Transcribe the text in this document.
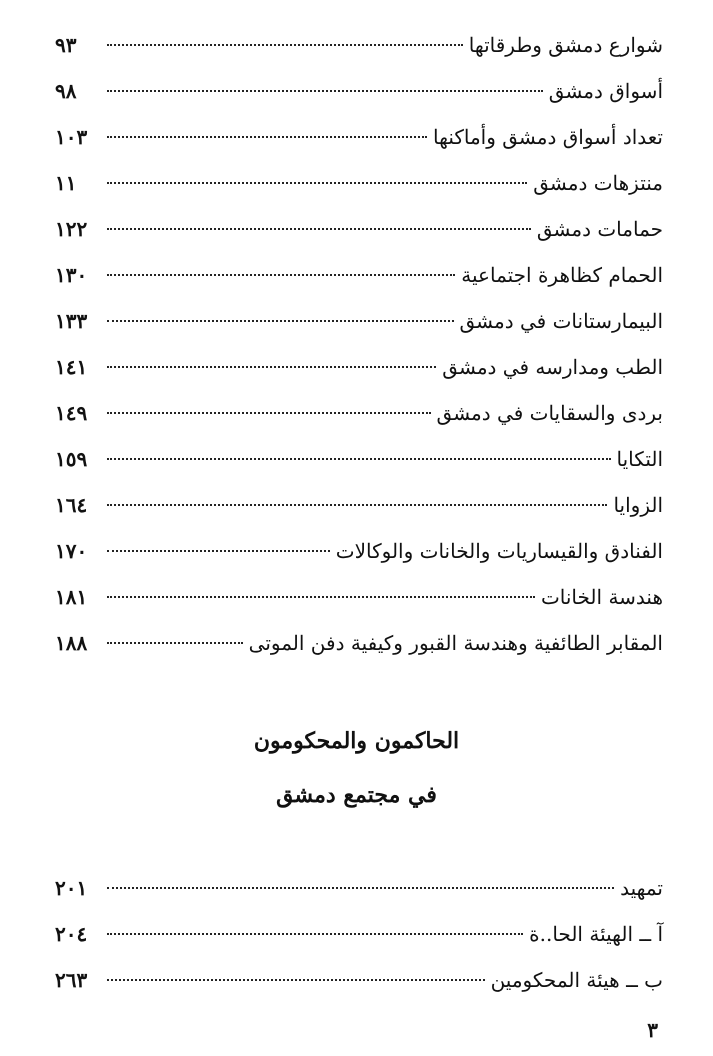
شوارع دمشق وطرقاتها
٩٣
أسواق دمشق
٩٨
تعداد أسواق دمشق وأماكنها
١٠٣
منتزهات دمشق
١١
حمامات دمشق
١٢٢
الحمام كظاهرة اجتماعية
١٣٠
البيمارستانات في دمشق
١٣٣
الطب ومدارسه في دمشق
١٤١
بردى والسقايات في دمشق
١٤٩
التكايا
١٥٩
الزوايا
١٦٤
الفنادق والقيساريات والخانات والوكالات
١٧٠
هندسة الخانات
١٨١
المقابر الطائفية وهندسة القبور وكيفية دفن الموتى
١٨٨
الحاكمون والمحكومون
في مجتمع دمشق
تمهيد
٢٠١
آ ــ الهيئة الحا..ة
٢٠٤
ب ــ هيئة المحكومين
٢٦٣
٣
